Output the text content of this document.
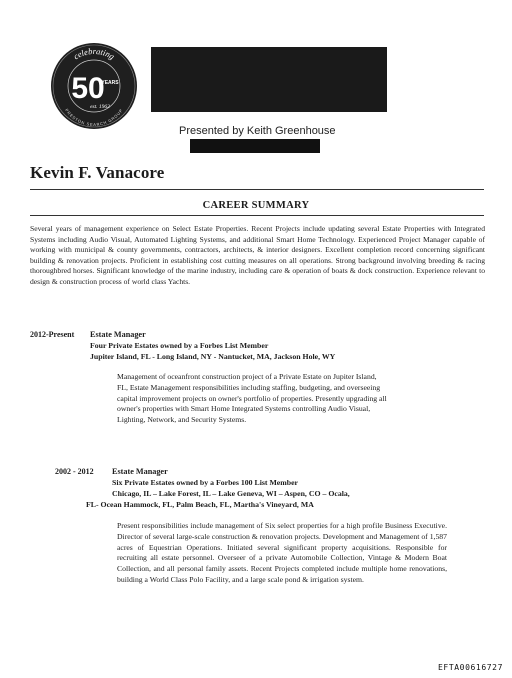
celebrating
PRESTON SEARCH GROUP
50
YEARS
est. 1962
Presented by Keith Greenhouse
Kevin F. Vanacore
CAREER SUMMARY

Several years of management experience on Select Estate Properties. Recent Projects include updating several Estate Properties with Integrated Systems including Audio Visual, Automated Lighting Systems, and additional Smart Home Technology. Experienced Project Manager capable of working with municipal & county governments, contractors, architects, & interior designers. Excellent completion record concerning significant building & renovation projects. Proficient in establishing cost cutting measures on all operations. Strong background involving breeding & racing thoroughbred horses. Significant knowledge of the marine industry, including care & operation of boats & dock construction. Experience relevant to design & construction process of world class Yachts.

2012-Present Estate Manager
Four Private Estates owned by a Forbes List Member
Jupiter Island, FL - Long Island, NY - Nantucket, MA, Jackson Hole, WY

Management of oceanfront construction project of a Private Estate on Jupiter Island, FL, Estate Management responsibilities including staffing, budgeting, and overseeing capital improvement projects on owner's portfolio of properties. Presently upgrading all owner's properties with Smart Home Integrated Systems controlling Audio Visual, Lighting, Network, and Security Systems.

2002 - 2012 Estate Manager
Six Private Estates owned by a Forbes 100 List Member
Chicago, IL – Lake Forest, IL – Lake Geneva, WI – Aspen, CO – Ocala,
FL- Ocean Hammock, FL, Palm Beach, FL, Martha's Vineyard, MA

Present responsibilities include management of Six select properties for a high profile Business Executive. Director of several large-scale construction & renovation projects. Development and Management of 1,587 acres of Equestrian Operations. Initiated several significant property acquisitions. Responsible for recruiting all estate personnel. Overseer of a private Automobile Collection, Vintage & Modern Boat Collection, and all personal family assets. Recent Projects completed include multiple home renovations, building a World Class Polo Facility, and a large scale pond & irrigation system.

EFTA00616727
